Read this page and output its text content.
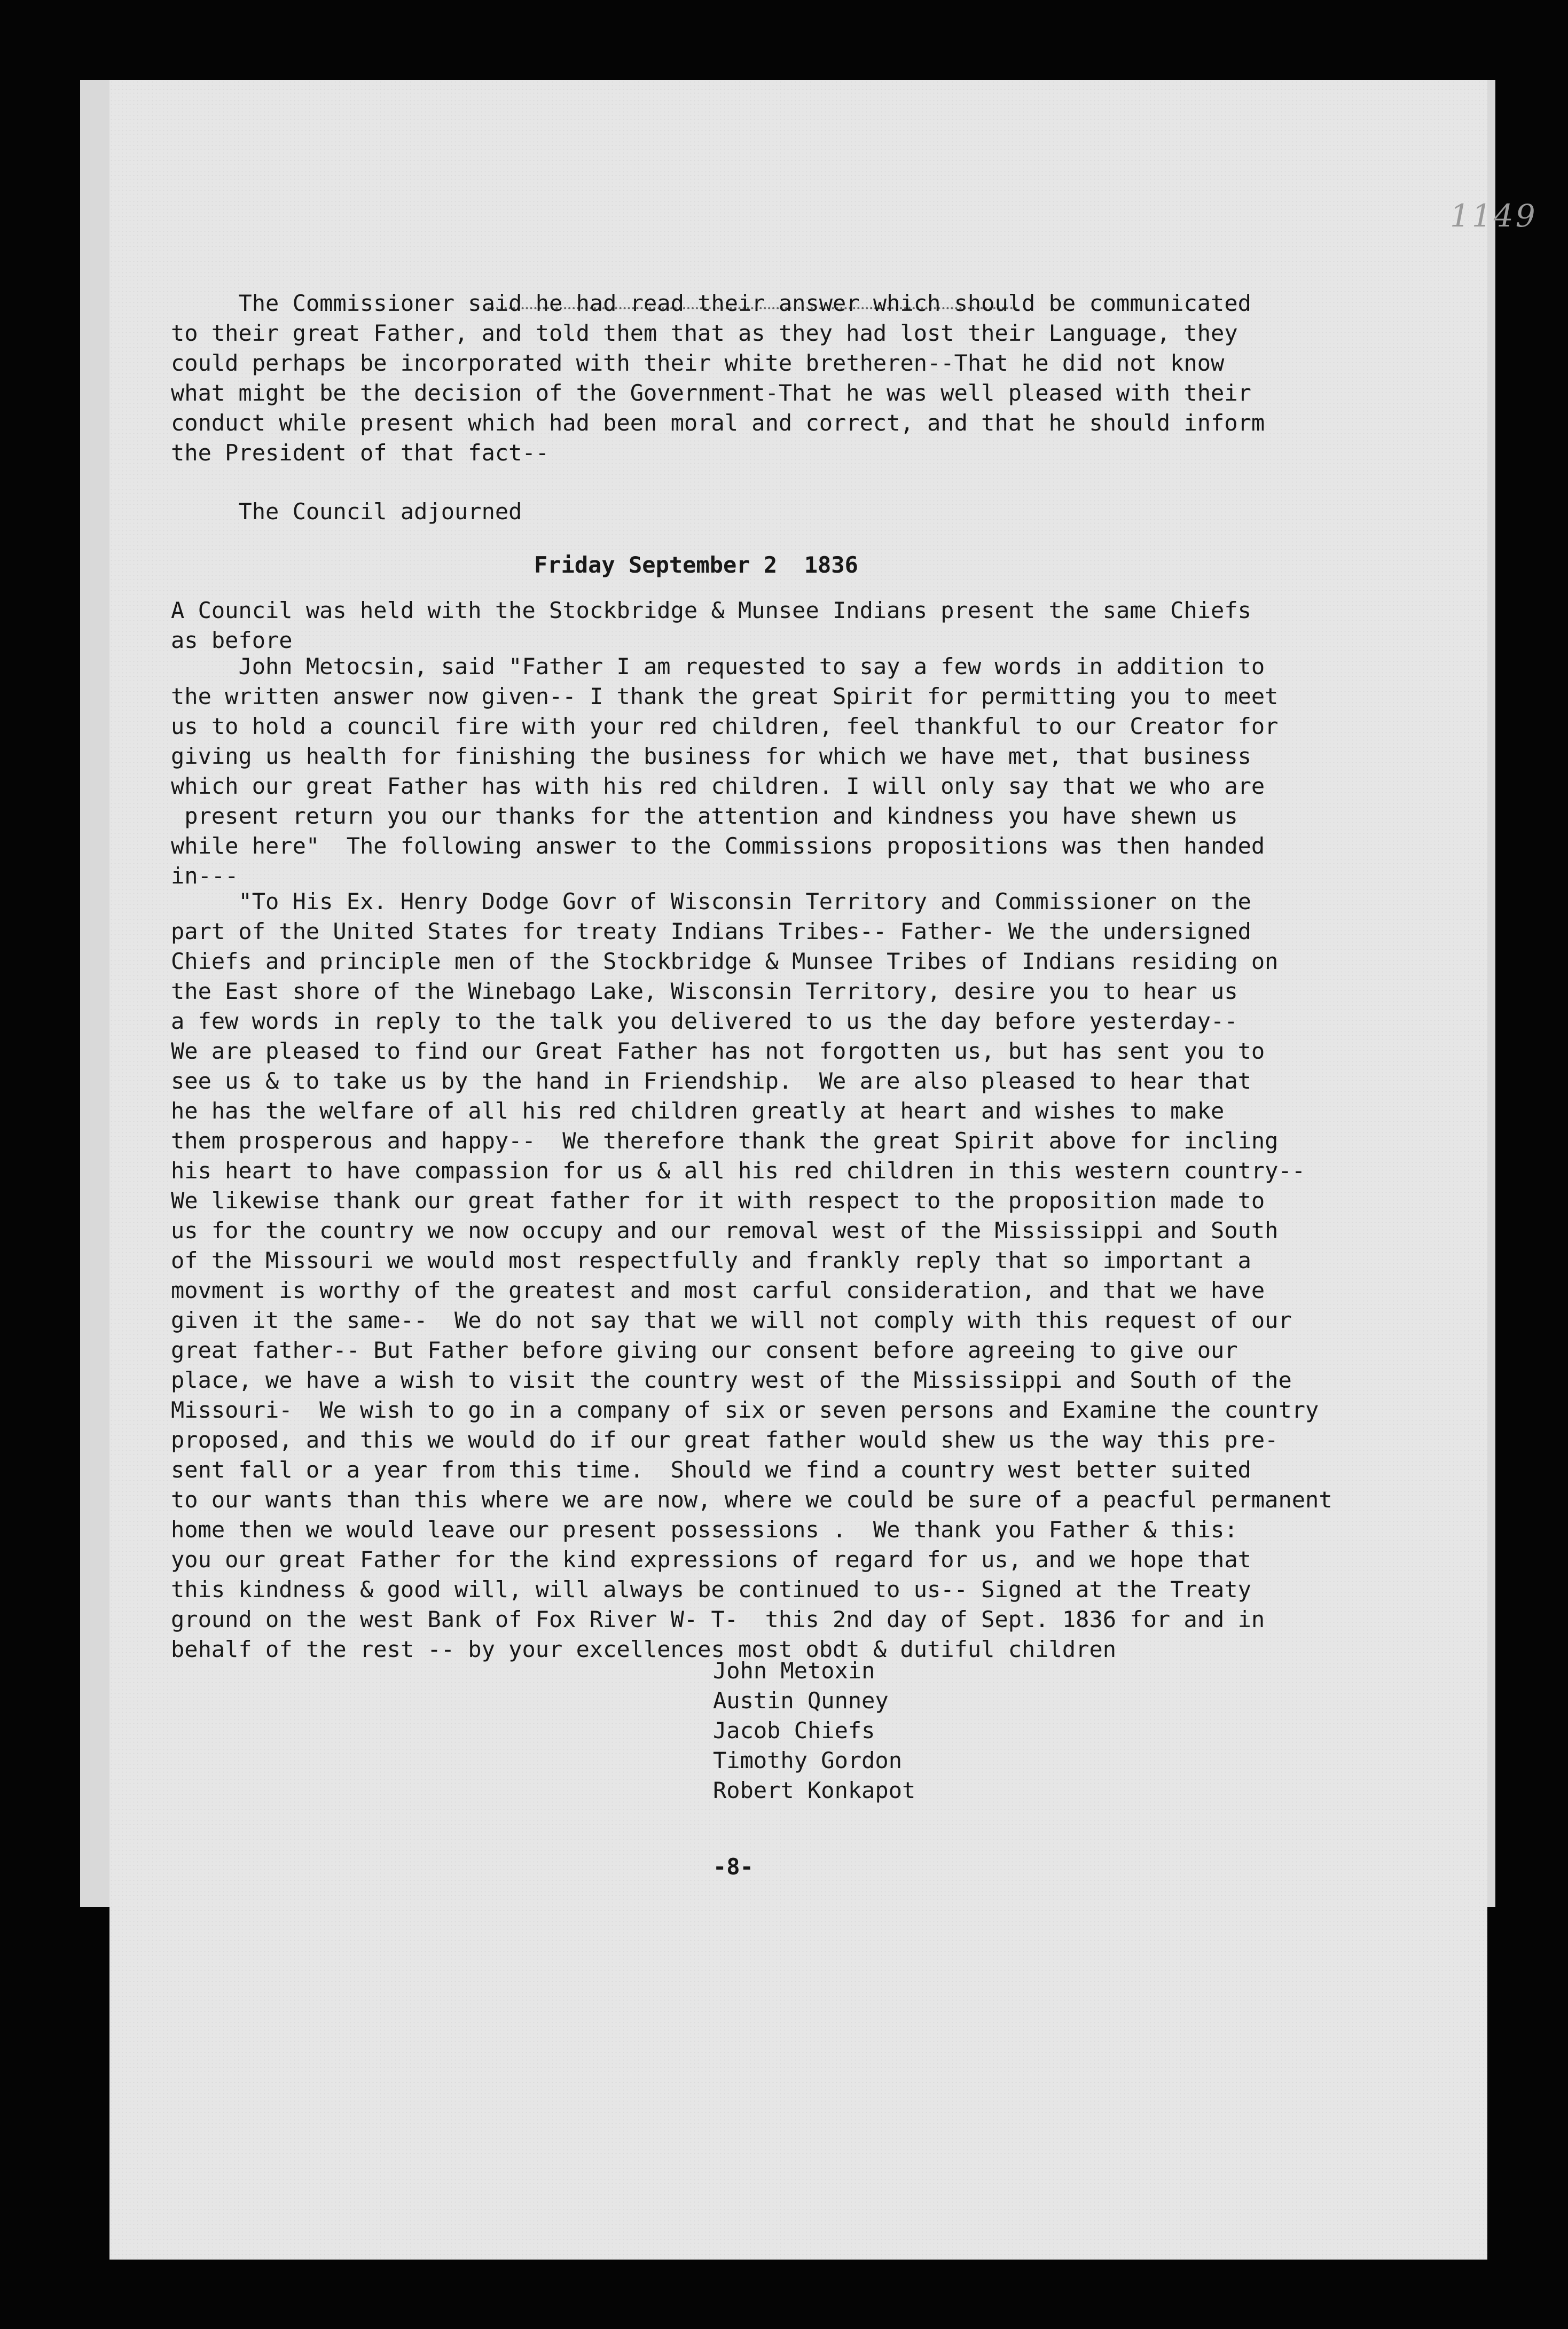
1149

The Commissioner said he had read their answer which should be communicated
to their great Father, and told them that as they had lost their Language, they
could perhaps be incorporated with their white bretheren--That he did not know
what might be the decision of the Government-That he was well pleased with their
conduct while present which had been moral and correct, and that he should inform
the President of that fact--

The Council adjourned

Friday September 2  1836

A Council was held with the Stockbridge & Munsee Indians present the same Chiefs
as before

John Metocsin, said "Father I am requested to say a few words in addition to
the written answer now given-- I thank the great Spirit for permitting you to meet
us to hold a council fire with your red children, feel thankful to our Creator for
giving us health for finishing the business for which we have met, that business
which our great Father has with his red children. I will only say that we who are
present return you our thanks for the attention and kindness you have shewn us
while here"  The following answer to the Commissions propositions was then handed
in---

"To His Ex. Henry Dodge Govr of Wisconsin Territory and Commissioner on the
part of the United States for treaty Indians Tribes-- Father- We the undersigned
Chiefs and principle men of the Stockbridge & Munsee Tribes of Indians residing on
the East shore of the Winebago Lake, Wisconsin Territory, desire you to hear us
a few words in reply to the talk you delivered to us the day before yesterday--
We are pleased to find our Great Father has not forgotten us, but has sent you to
see us & to take us by the hand in Friendship.  We are also pleased to hear that
he has the welfare of all his red children greatly at heart and wishes to make
them prosperous and happy--  We therefore thank the great Spirit above for incling
his heart to have compassion for us & all his red children in this western country--
We likewise thank our great father for it with respect to the proposition made to
us for the country we now occupy and our removal west of the Mississippi and South
of the Missouri we would most respectfully and frankly reply that so important a
movment is worthy of the greatest and most carful consideration, and that we have
given it the same--  We do not say that we will not comply with this request of our
great father-- But Father before giving our consent before agreeing to give our
place, we have a wish to visit the country west of the Mississippi and South of the
Missouri-  We wish to go in a company of six or seven persons and Examine the country
proposed, and this we would do if our great father would shew us the way this pre-
sent fall or a year from this time.  Should we find a country west better suited
to our wants than this where we are now, where we could be sure of a peacful permanent
home then we would leave our present possessions .  We thank you Father & this:
you our great Father for the kind expressions of regard for us, and we hope that
this kindness & good will, will always be continued to us-- Signed at the Treaty
ground on the west Bank of Fox River W- T-  this 2nd day of Sept. 1836 for and in
behalf of the rest -- by your excellences most obdt & dutiful children

John Metoxin
Austin Qunney
Jacob Chiefs
Timothy Gordon
Robert Konkapot
-8-
